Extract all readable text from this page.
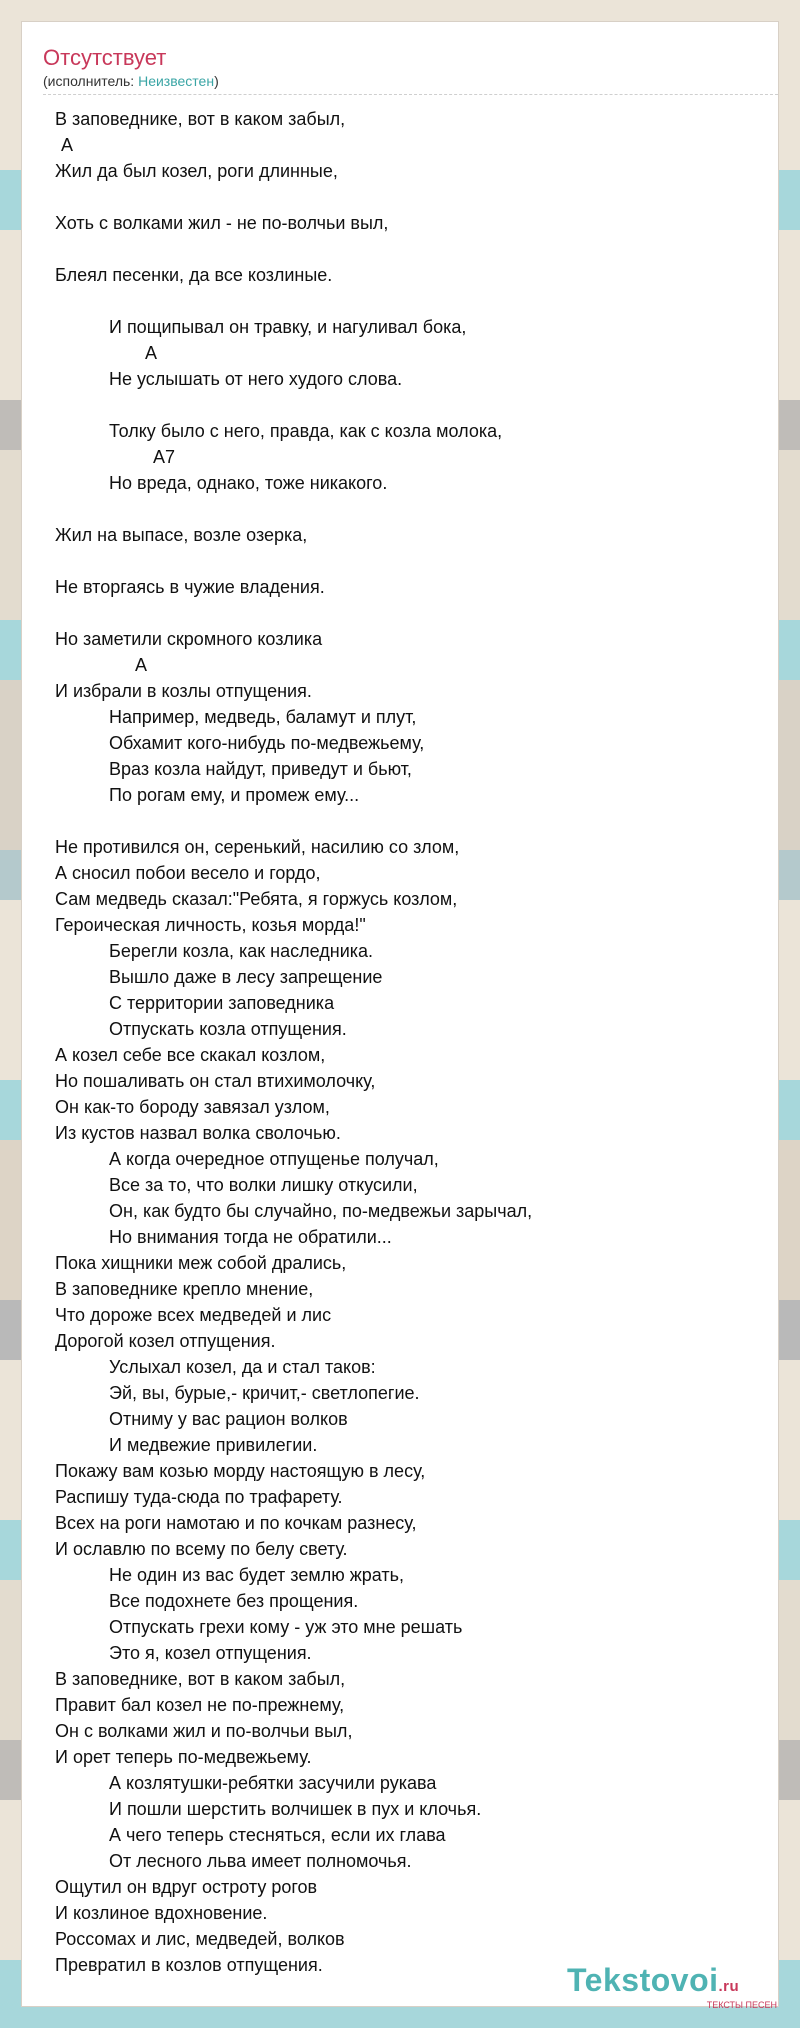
Отсутствует
(исполнитель: Неизвестен)
В заповеднике, вот в каком забыл,
А
Жил да был козел, роги длинные,
Хоть с волками жил - не по-волчьи выл,
Блеял песенки, да все козлиные.
И пощипывал он травку, и нагуливал бока,
А
Не услышать от него худого слова.
Толку было с него, правда, как с козла молока,
А7
Но вреда, однако, тоже никакого.
Жил на выпасе, возле озерка,
Не вторгаясь в чужие владения.
Но заметили скромного козлика
А
И избрали в козлы отпущения.
Например, медведь, баламут и плут,
Обхамит кого-нибудь по-медвежьему,
Враз козла найдут, приведут и бьют,
По рогам ему, и промеж ему...
Не противился он, серенький, насилию со злом,
А сносил побои весело и гордо,
Сам медведь сказал:"Ребята, я горжусь козлом,
Героическая личность, козья морда!"
Берегли козла, как наследника.
Вышло даже в лесу запрещение
С территории заповедника
Отпускать козла отпущения.
А козел себе все скакал козлом,
Но пошаливать он стал втихимолочку,
Он как-то бороду завязал узлом,
Из кустов назвал волка сволочью.
А когда очередное отпущенье получал,
Все за то, что волки лишку откусили,
Он, как будто бы случайно, по-медвежьи зарычал,
Но внимания тогда не обратили...
Пока хищники меж собой дрались,
В заповеднике крепло мнение,
Что дороже всех медведей и лис
Дорогой козел отпущения.
Услыхал козел, да и стал таков:
Эй, вы, бурые,- кричит,- светлопегие.
Отниму у вас рацион волков
И медвежие привилегии.
Покажу вам козью морду настоящую в лесу,
Распишу туда-сюда по трафарету.
Всех на роги намотаю и по кочкам разнесу,
И ославлю по всему по белу свету.
Не один из вас будет землю жрать,
Все подохнете без прощения.
Отпускать грехи кому - уж это мне решать
Это я, козел отпущения.
В заповеднике, вот в каком забыл,
Правит бал козел не по-прежнему,
Он с волками жил и по-волчьи выл,
И орет теперь по-медвежьему.
А козлятушки-ребятки засучили рукава
И пошли шерстить волчишек в пух и клочья.
А чего теперь стесняться, если их глава
От лесного льва имеет полномочья.
Ощутил он вдруг остроту рогов
И козлиное вдохновение.
Россомах и лис, медведей, волков
Превратил в козлов отпущения.	Tekstovoi.ru
ТЕКСТЫ ПЕСЕН
